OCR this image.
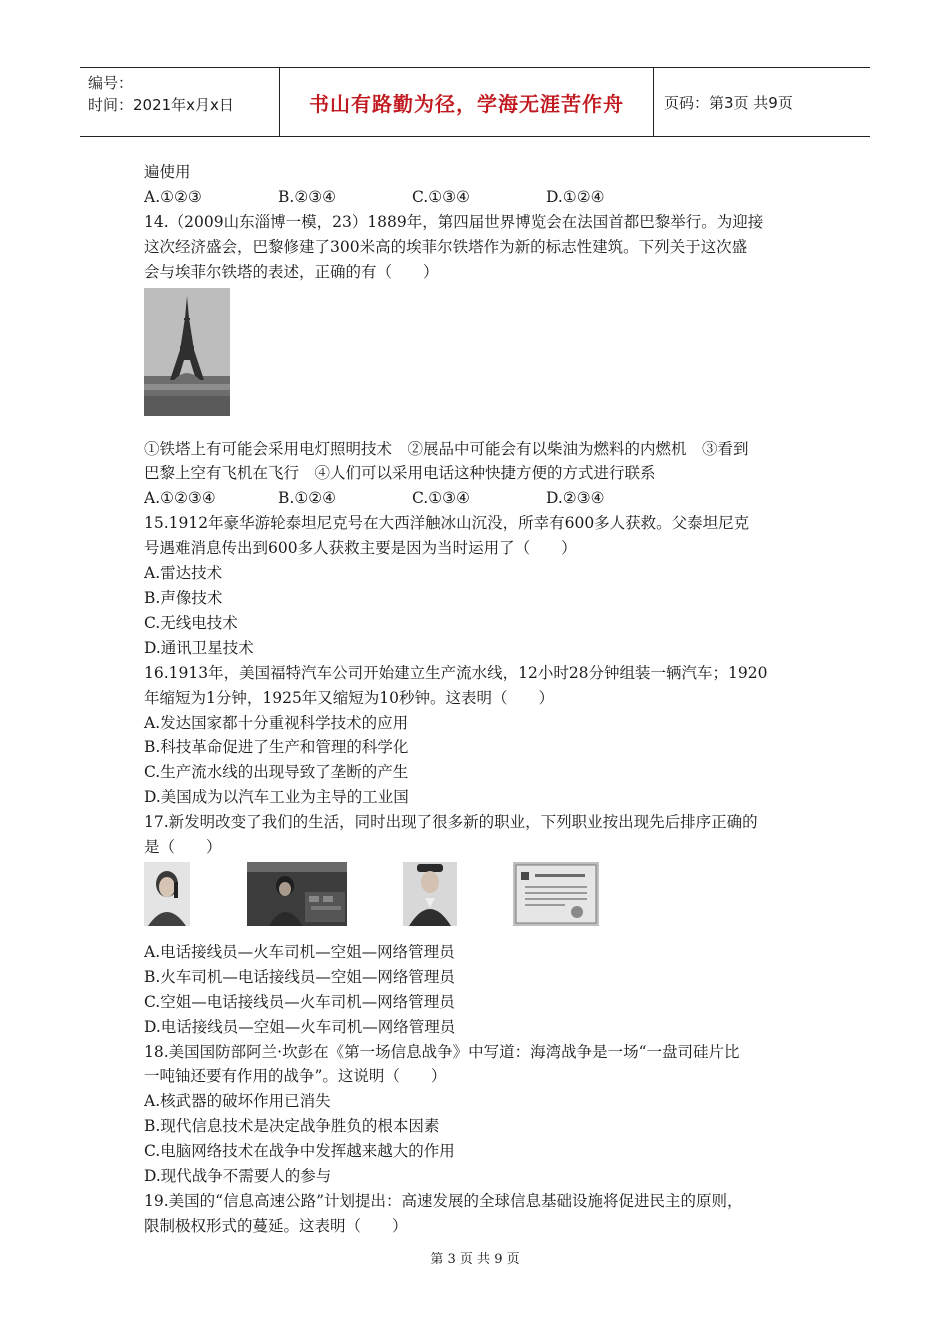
编号：
时间：2021年x月x日	书山有路勤为径，学海无涯苦作舟	页码：第3页 共9页
遍使用
A.①②③	B.②③④	C.①③④	D.①②④
14.（2009山东淄博一模，23）1889年，第四届世界博览会在法国首都巴黎举行。为迎接
这次经济盛会，巴黎修建了300米高的埃菲尔铁塔作为新的标志性建筑。下列关于这次盛
会与埃菲尔铁塔的表述，正确的有（　　）
①铁塔上有可能会采用电灯照明技术　②展品中可能会有以柴油为燃料的内燃机　③看到
巴黎上空有飞机在飞行　④人们可以采用电话这种快捷方便的方式进行联系
A.①②③④	B.①②④	C.①③④	D.②③④
15.1912年豪华游轮泰坦尼克号在大西洋触冰山沉没，所幸有600多人获救。父泰坦尼克
号遇难消息传出到600多人获救主要是因为当时运用了（　　）
A.雷达技术
B.声像技术
C.无线电技术
D.通讯卫星技术
16.1913年，美国福特汽车公司开始建立生产流水线，12小时28分钟组装一辆汽车；1920
年缩短为1分钟，1925年又缩短为10秒钟。这表明（　　）
A.发达国家都十分重视科学技术的应用
B.科技革命促进了生产和管理的科学化
C.生产流水线的出现导致了垄断的产生
D.美国成为以汽车工业为主导的工业国
17.新发明改变了我们的生活，同时出现了很多新的职业，下列职业按出现先后排序正确的
是（　　）
A.电话接线员—火车司机—空姐—网络管理员
B.火车司机—电话接线员—空姐—网络管理员
C.空姐—电话接线员—火车司机—网络管理员
D.电话接线员—空姐—火车司机—网络管理员
18.美国国防部阿兰·坎彭在《第一场信息战争》中写道：海湾战争是一场“一盘司硅片比
一吨铀还要有作用的战争”。这说明（　　）
A.核武器的破坏作用已消失
B.现代信息技术是决定战争胜负的根本因素
C.电脑网络技术在战争中发挥越来越大的作用
D.现代战争不需要人的参与
19.美国的“信息高速公路”计划提出：高速发展的全球信息基础设施将促进民主的原则，
限制极权形式的蔓延。这表明（　　）
第 3 页 共 9 页
